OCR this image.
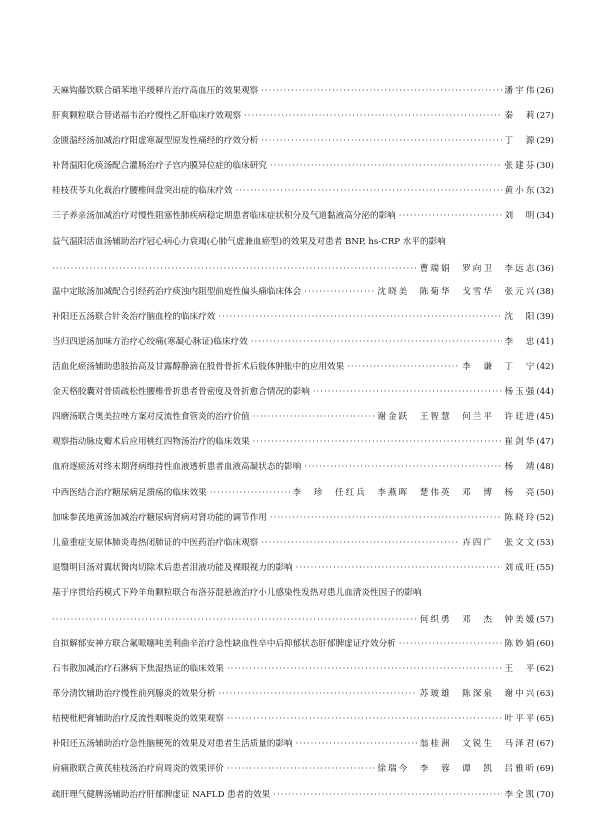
天麻钩藤饮联合硝苯地平缓释片治疗高血压的效果观察 ·····	潘宇伟 (26)
肝爽颗粒联合替诺福韦治疗慢性乙肝临床疗效观察 ·····	秦　莉 (27)
金匮温经汤加减治疗阳虚寒凝型原发性痛经的疗效分析 ·····	丁　源 (29)
补肾温阳化痰汤配合灌肠治疗子宫内膜异位症的临床研究 ·····	张建芬 (30)
桂枝茯苓丸化裁治疗腰椎间盘突出症的临床疗效 ·····	黄小东 (32)
三子养亲汤加减治疗对慢性阻塞性肺疾病稳定期患者临床症状积分及气道黏液高分泌的影响 ·····	刘　明 (34)
益气温阳活血汤辅助治疗冠心病心力衰竭(心肺气虚兼血瘀型)的效果及对患者 BNP, hs-CRP 水平的影响
·····
曹瑞娟　罗向卫　李远志 (36)
温中定眩汤加减配合引经药治疗痰浊内阻型前庭性偏头痛临床体会 ·····	沈晓美　陈菊华　戈雪华　张元兴 (38)
补阳还五汤联合针灸治疗脑血栓的临床疗效 ·····	沈　阳 (39)
当归四逆汤加味方治疗心绞痛(寒凝心脉证)临床疗效 ·····	李　忠 (41)
活血化瘀汤辅助患肢抬高及甘露醇静滴在股骨骨折术后肢体肿胀中的应用效果 ·····	李　谦　丁　宁 (42)
金天格胶囊对骨质疏松性腰椎骨折患者骨密度及骨折愈合情况的影响 ·····	杨玉强 (44)
四磨汤联合奥美拉唑方案对反流性食管炎的治疗价值 ·····	谢金跃　王智慧　何兰平　许廷进 (45)
观察指动脉皮瓣术后应用桃红四物汤治疗的临床效果 ·····	崔剑华 (47)
血府逐瘀汤对终末期肾病维持性血液透析患者血液高凝状态的影响 ·····	杨　靖 (48)
中西医结合治疗糖尿病足溃疡的临床效果 ·····	李　珍　任红兵　李燕晖　楚伟英　邓　博　杨　亮 (50)
加味参芪地黄汤加减治疗糖尿病肾病对肾功能的调节作用 ·····	陈晓玲 (52)
儿童重症支原体肺炎毒热闭肺证的中医药治疗临床观察 ·····	卉四广　张文文 (53)
退翳明目汤对翼状胬肉切除术后患者泪液功能及裸眼视力的影响 ·····	刘成旺 (55)
基于序贯给药模式下羚羊角颗粒联合布洛芬混悬液治疗小儿感染性发热对患儿血清炎性因子的影响
·····
何织勇　邓　杰　钟美媛 (57)
自拟解郁安神方联合氟哌噻吨美利曲辛治疗急性缺血性卒中后抑郁状态肝郁脾虚证疗效分析 ·····	陈妙娟 (60)
石韦散加减治疗石淋病下焦湿热证的临床效果 ·····	王　平 (62)
革分清饮辅助治疗慢性前列腺炎的效果分析 ·····	苏玻雄　陈深泉　谢中兴 (63)
桔梗枇杷膏辅助治疗反流性咽喉炎的效果观察 ·····	叶平平 (65)
补阳还五汤辅助治疗急性脑梗死的效果及对患者生活质量的影响 ·····	翁桂洲　文锐生　马泽君 (67)
肩痛散联合黄芪桂枝汤治疗肩周炎的效果评价 ·····	徐瑞今　李　蓉　谭　凯　吕雅昕 (69)
疏肝理气健脾汤辅助治疗肝郁脾虚证 NAFLD 患者的效果 ·····	李全凯 (70)
